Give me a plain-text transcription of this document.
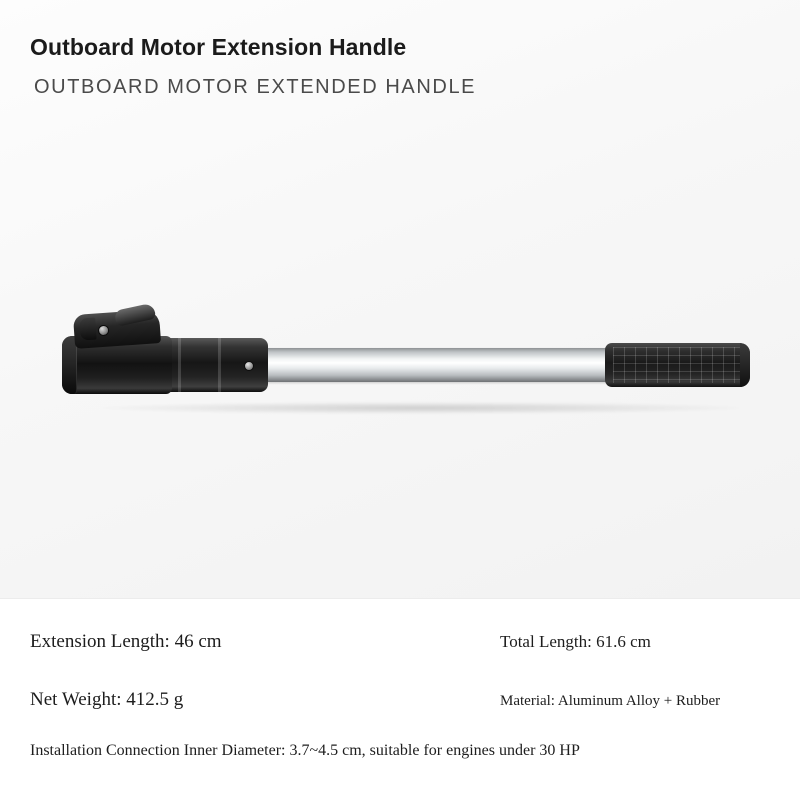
Outboard Motor Extension Handle
OUTBOARD MOTOR EXTENDED HANDLE
Extension Length: 46 cm	Total Length: 61.6 cm
Net Weight: 412.5 g	Material: Aluminum Alloy + Rubber
Installation Connection Inner Diameter: 3.7~4.5 cm, suitable for engines under 30 HP
